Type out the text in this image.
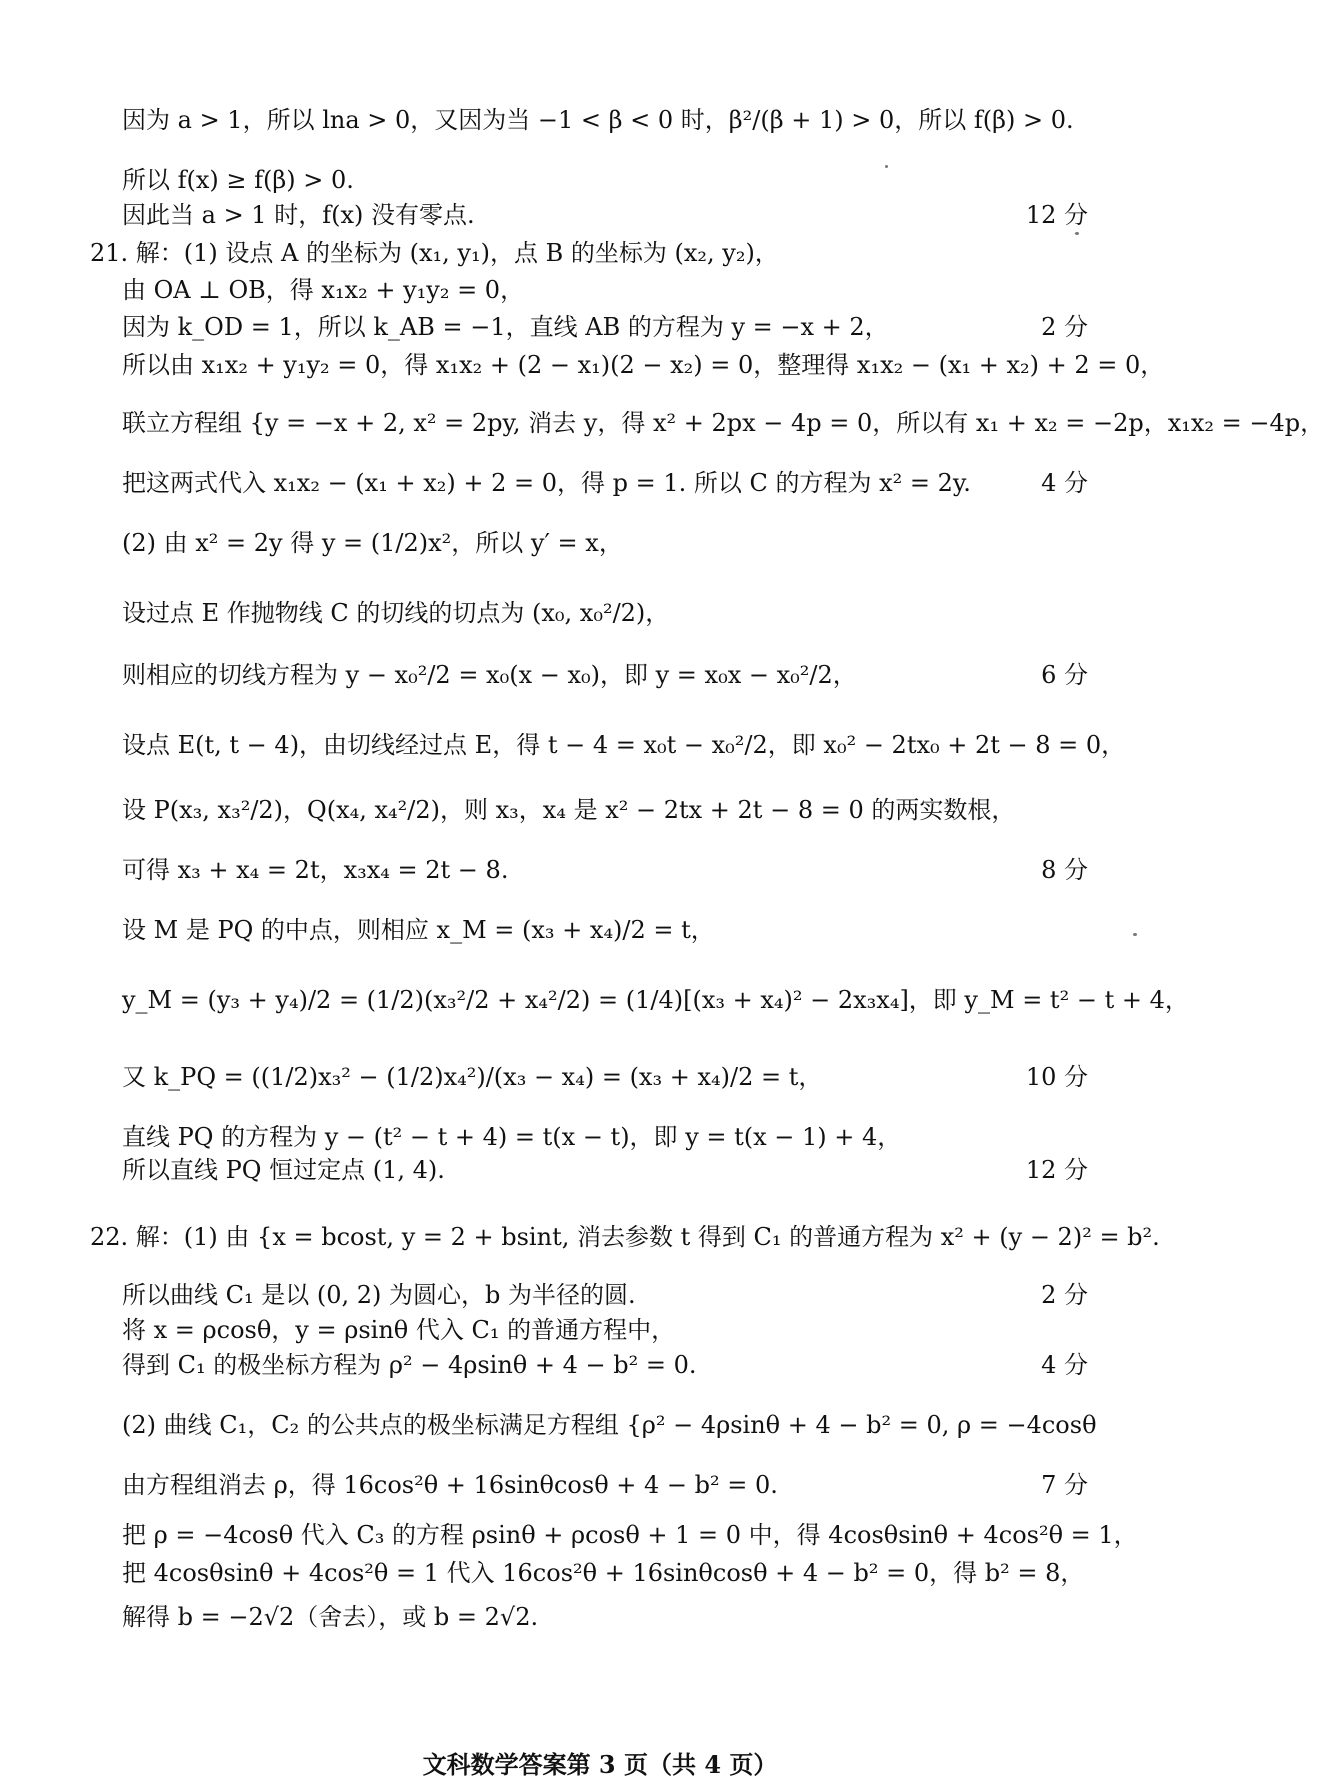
因为 a > 1，所以 lna > 0，又因为当 −1 < β < 0 时，β²/(β + 1) > 0，所以 f(β) > 0.
所以 f(x) ≥ f(β) > 0.
因此当 a > 1 时，f(x) 没有零点.	12 分
21. 解：(1) 设点 A 的坐标为 (x₁, y₁)，点 B 的坐标为 (x₂, y₂)，
由 OA ⊥ OB，得 x₁x₂ + y₁y₂ = 0，
因为 k_OD = 1，所以 k_AB = −1，直线 AB 的方程为 y = −x + 2，	2 分
所以由 x₁x₂ + y₁y₂ = 0，得 x₁x₂ + (2 − x₁)(2 − x₂) = 0，整理得 x₁x₂ − (x₁ + x₂) + 2 = 0，
联立方程组 {y = −x + 2, x² = 2py, 消去 y，得 x² + 2px − 4p = 0，所以有 x₁ + x₂ = −2p，x₁x₂ = −4p，
把这两式代入 x₁x₂ − (x₁ + x₂) + 2 = 0，得 p = 1. 所以 C 的方程为 x² = 2y.	4 分
(2) 由 x² = 2y 得 y = (1/2)x²，所以 y′ = x，
设过点 E 作抛物线 C 的切线的切点为 (x₀, x₀²/2)，
则相应的切线方程为 y − x₀²/2 = x₀(x − x₀)，即 y = x₀x − x₀²/2，	6 分
设点 E(t, t − 4)，由切线经过点 E，得 t − 4 = x₀t − x₀²/2，即 x₀² − 2tx₀ + 2t − 8 = 0，
设 P(x₃, x₃²/2)，Q(x₄, x₄²/2)，则 x₃，x₄ 是 x² − 2tx + 2t − 8 = 0 的两实数根，
可得 x₃ + x₄ = 2t，x₃x₄ = 2t − 8.	8 分
设 M 是 PQ 的中点，则相应 x_M = (x₃ + x₄)/2 = t，
y_M = (y₃ + y₄)/2 = (1/2)(x₃²/2 + x₄²/2) = (1/4)[(x₃ + x₄)² − 2x₃x₄]，即 y_M = t² − t + 4，
又 k_PQ = ((1/2)x₃² − (1/2)x₄²)/(x₃ − x₄) = (x₃ + x₄)/2 = t，	10 分
直线 PQ 的方程为 y − (t² − t + 4) = t(x − t)，即 y = t(x − 1) + 4，
所以直线 PQ 恒过定点 (1, 4).	12 分
22. 解：(1) 由 {x = bcost, y = 2 + bsint, 消去参数 t 得到 C₁ 的普通方程为 x² + (y − 2)² = b².
所以曲线 C₁ 是以 (0, 2) 为圆心，b 为半径的圆.	2 分
将 x = ρcosθ，y = ρsinθ 代入 C₁ 的普通方程中，
得到 C₁ 的极坐标方程为 ρ² − 4ρsinθ + 4 − b² = 0.	4 分
(2) 曲线 C₁，C₂ 的公共点的极坐标满足方程组 {ρ² − 4ρsinθ + 4 − b² = 0, ρ = −4cosθ
由方程组消去 ρ，得 16cos²θ + 16sinθcosθ + 4 − b² = 0.	7 分
把 ρ = −4cosθ 代入 C₃ 的方程 ρsinθ + ρcosθ + 1 = 0 中，得 4cosθsinθ + 4cos²θ = 1，
把 4cosθsinθ + 4cos²θ = 1 代入 16cos²θ + 16sinθcosθ + 4 − b² = 0，得 b² = 8，
解得 b = −2√2（舍去），或 b = 2√2.
文科数学答案第 3 页（共 4 页）
